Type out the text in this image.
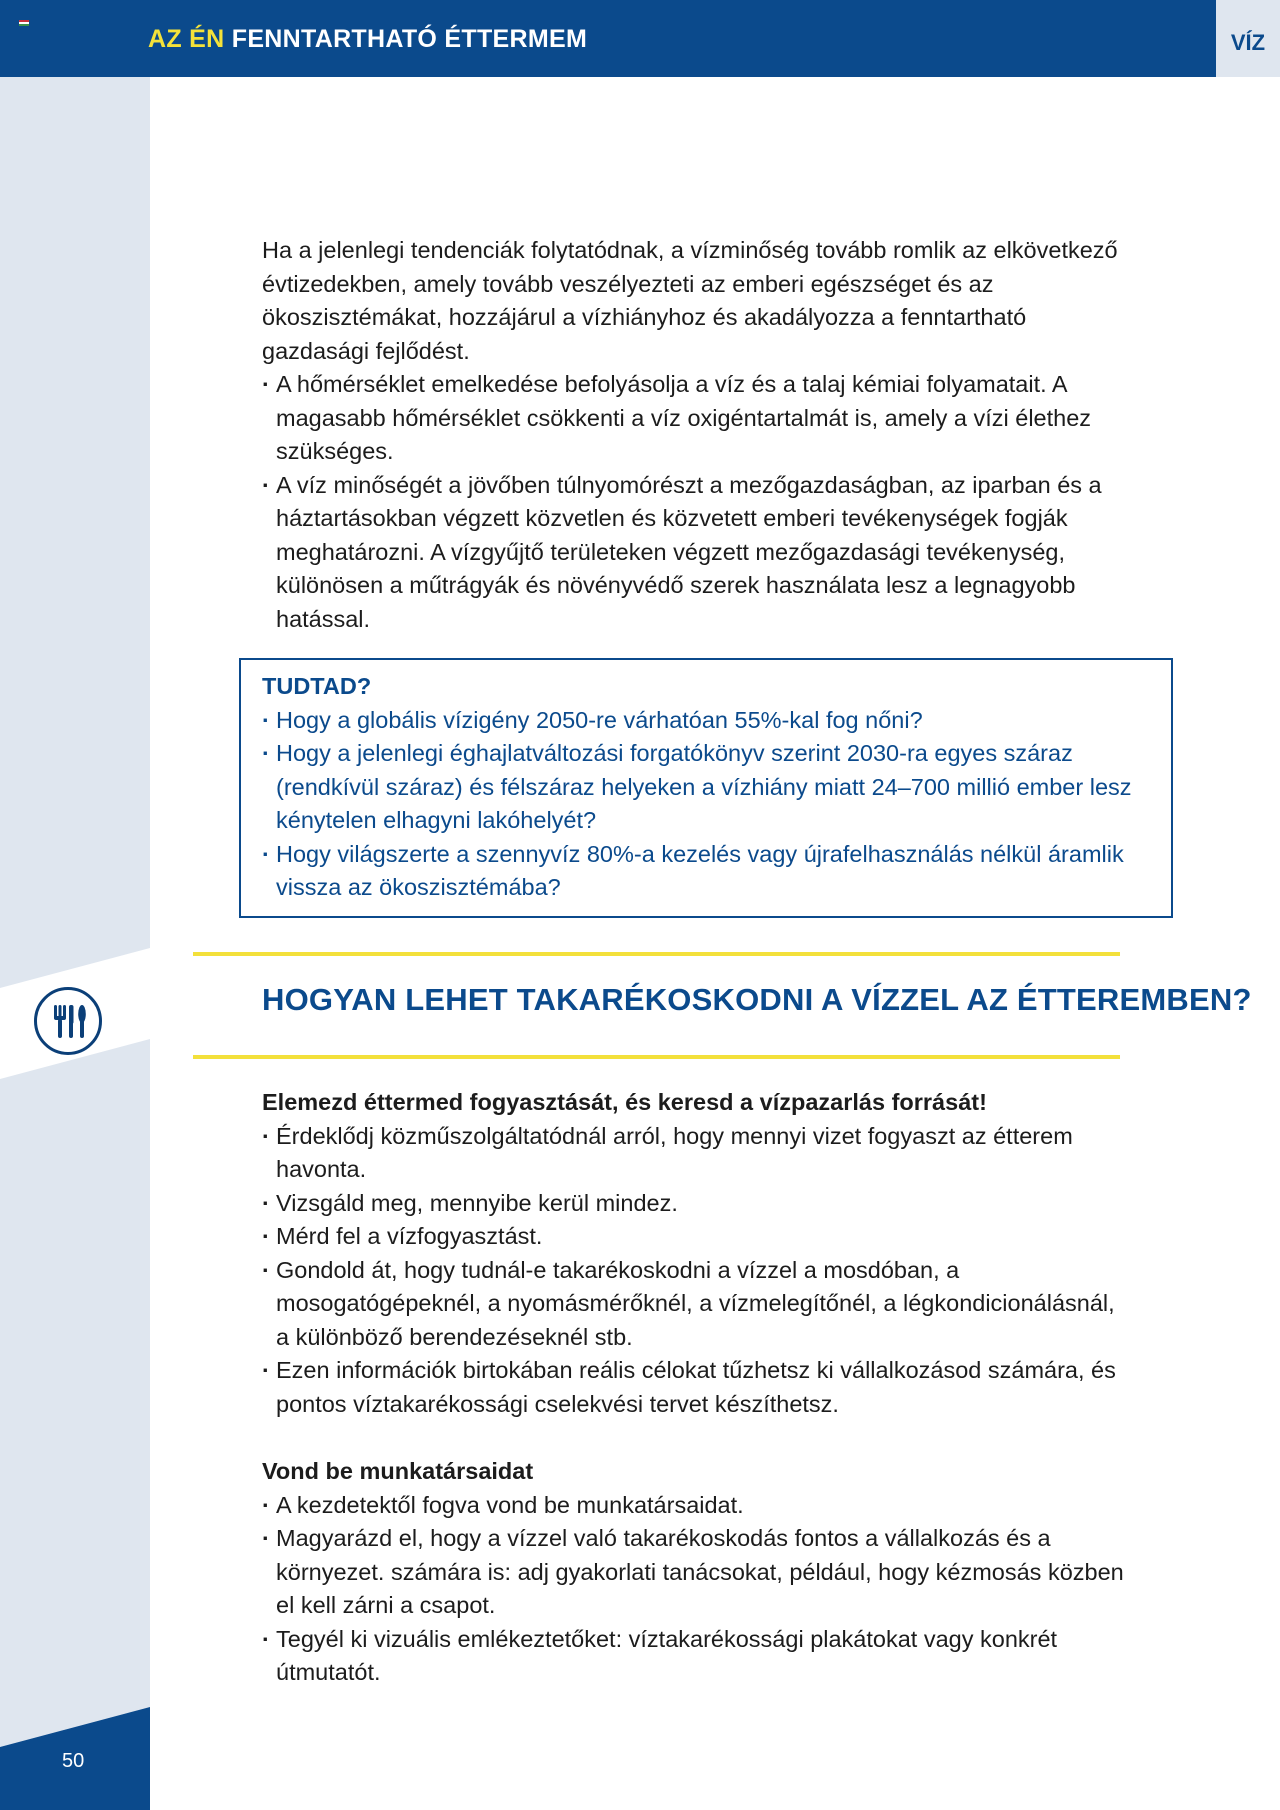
AZ ÉN FENNTARTHATÓ ÉTTERMEM	VÍZ

Ha a jelenlegi tendenciák folytatódnak, a vízminőség tovább romlik az elkövetkező évtizedekben, amely tovább veszélyezteti az emberi egészséget és az ökoszisztémákat, hozzájárul a vízhiányhoz és akadályozza a fenntartható gazdasági fejlődést.

· A hőmérséklet emelkedése befolyásolja a víz és a talaj kémiai folyamatait. A magasabb hőmérséklet csökkenti a víz oxigéntartalmát is, amely a vízi élethez szükséges.
· A víz minőségét a jövőben túlnyomórészt a mezőgazdaságban, az iparban és a háztartásokban végzett közvetlen és közvetett emberi tevékenységek fogják meghatározni. A vízgyűjtő területeken végzett mezőgazdasági tevékenység, különösen a műtrágyák és növényvédő szerek használata lesz a legnagyobb hatással.

TUDTAD?

· Hogy a globális vízigény 2050-re várhatóan 55%-kal fog nőni?
· Hogy a jelenlegi éghajlatváltozási forgatókönyv szerint 2030-ra egyes száraz (rendkívül száraz) és félszáraz helyeken a vízhiány miatt 24–700 millió ember lesz kénytelen elhagyni lakóhelyét?
· Hogy világszerte a szennyvíz 80%-a kezelés vagy újrafelhasználás nélkül áramlik vissza az ökoszisztémába?
HOGYAN LEHET TAKARÉKOSKODNI A VÍZZEL AZ ÉTTEREMBEN?

Elemezd éttermed fogyasztását, és keresd a vízpazarlás forrását!

· Érdeklődj közműszolgáltatódnál arról, hogy mennyi vizet fogyaszt az étterem havonta.
· Vizsgáld meg, mennyibe kerül mindez.
· Mérd fel a vízfogyasztást.
· Gondold át, hogy tudnál-e takarékoskodni a vízzel a mosdóban, a mosogatógépeknél, a nyomásmérőknél, a vízmelegítőnél, a légkondicionálásnál, a különböző berendezéseknél stb.
· Ezen információk birtokában reális célokat tűzhetsz ki vállalkozásod számára, és pontos víztakarékossági cselekvési tervet készíthetsz.

Vond be munkatársaidat

· A kezdetektől fogva vond be munkatársaidat.
· Magyarázd el, hogy a vízzel való takarékoskodás fontos a vállalkozás és a környezet. számára is: adj gyakorlati tanácsokat, például, hogy kézmosás közben el kell zárni a csapot.
· Tegyél ki vizuális emlékeztetőket: víztakarékossági plakátokat vagy konkrét útmutatót.
50
